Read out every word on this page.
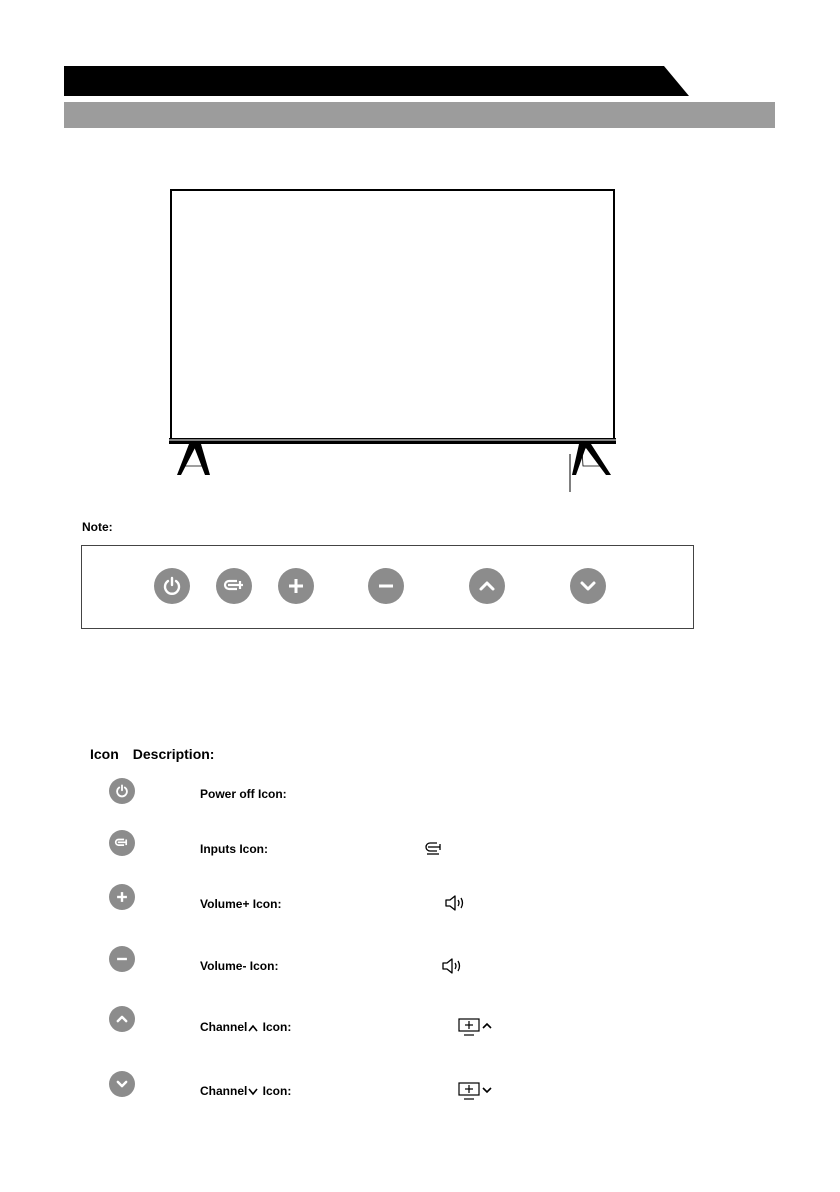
Note:
Icon Description:
Power off Icon:
Inputs Icon:
Volume+ Icon:
Volume- Icon:
Channel Icon:
Channel Icon:
